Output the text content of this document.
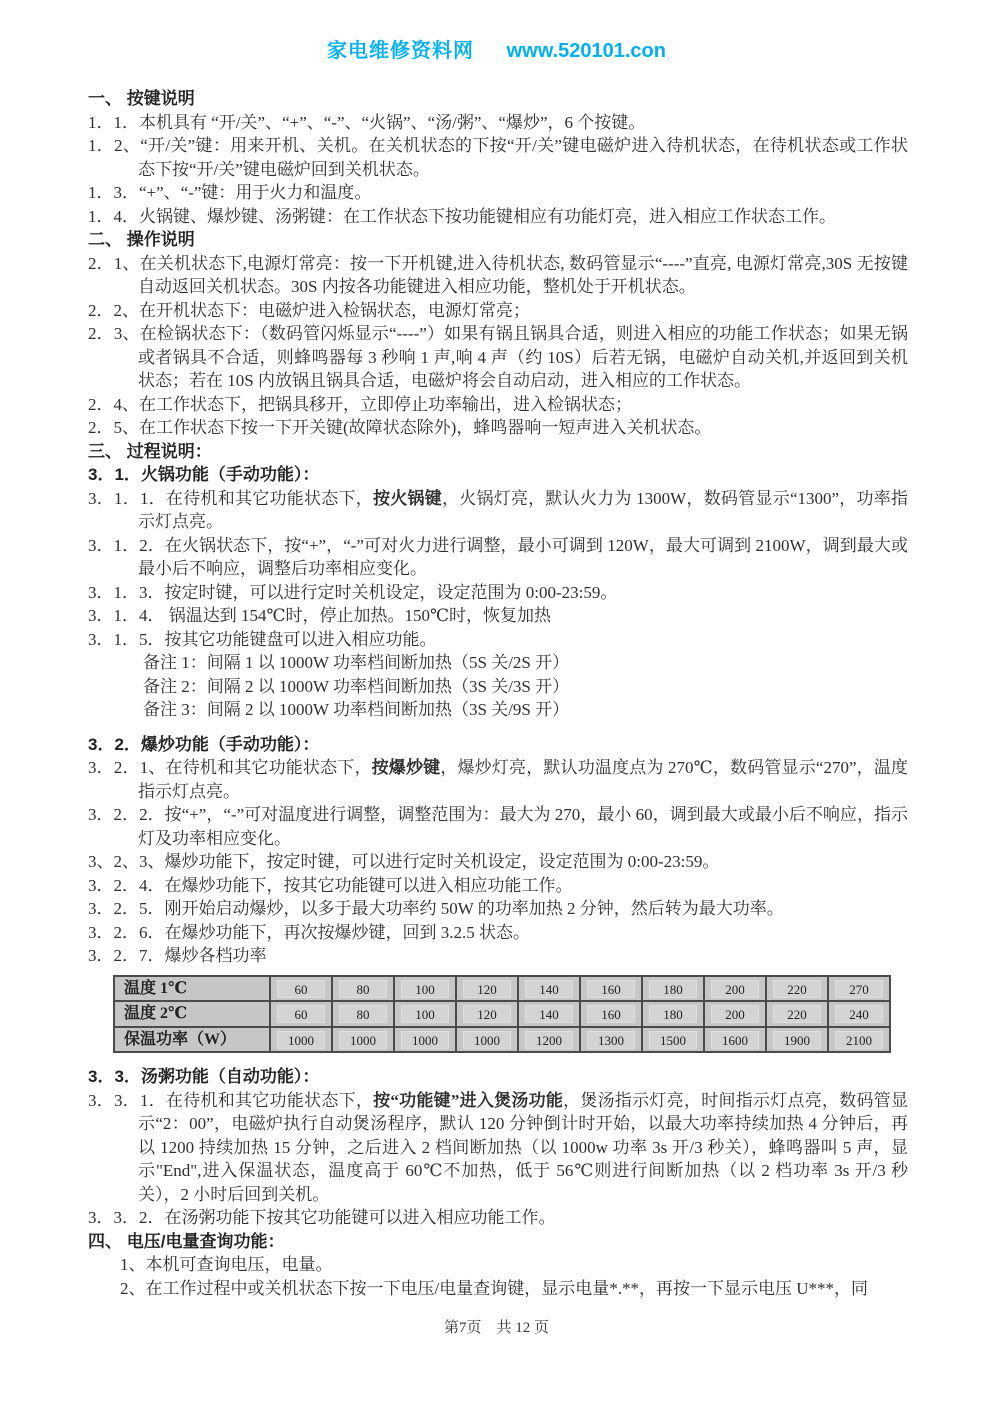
家电维修资料网 www.520101.con
一、 按键说明
1．1．本机具有 “开/关”、“+”、“-”、“火锅”、“汤/粥”、“爆炒”，6 个按键。
1．2、“开/关”键：用来开机、关机。在关机状态的下按“开/关”键电磁炉进入待机状态，在待机状态或工作状态下按“开/关”键电磁炉回到关机状态。
1．3．“+”、“-”键：用于火力和温度。
1．4．火锅键、爆炒键、汤粥键：在工作状态下按功能键相应有功能灯亮，进入相应工作状态工作。
二、 操作说明
2．1、在关机状态下,电源灯常亮：按一下开机键,进入待机状态, 数码管显示“----”直亮, 电源灯常亮,30S 无按键自动返回关机状态。30S 内按各功能键进入相应功能，整机处于开机状态。
2．2、在开机状态下：电磁炉进入检锅状态，电源灯常亮；
2．3、在检锅状态下：（数码管闪烁显示“----”）如果有锅且锅具合适，则进入相应的功能工作状态；如果无锅或者锅具不合适，则蜂鸣器每 3 秒响 1 声,响 4 声（约 10S）后若无锅，电磁炉自动关机,并返回到关机状态；若在 10S 内放锅且锅具合适，电磁炉将会自动启动，进入相应的工作状态。
2．4、在工作状态下，把锅具移开，立即停止功率输出，进入检锅状态；
2．5、在工作状态下按一下开关键(故障状态除外)，蜂鸣器响一短声进入关机状态。
三、 过程说明：
3．1．火锅功能（手动功能）：
3．1．1．在待机和其它功能状态下，按火锅键，火锅灯亮，默认火力为 1300W，数码管显示“1300”，功率指示灯点亮。
3．1．2．在火锅状态下，按“+”，“-”可对火力进行调整，最小可调到 120W，最大可调到 2100W，调到最大或最小后不响应，调整后功率相应变化。
3．1．3．按定时键，可以进行定时关机设定，设定范围为 0:00-23:59。
3．1．4． 锅温达到 154℃时，停止加热。150℃时，恢复加热
3．1．5．按其它功能键盘可以进入相应功能。
备注 1：间隔 1 以 1000W 功率档间断加热（5S 关/2S 开）
备注 2：间隔 2 以 1000W 功率档间断加热（3S 关/3S 开）
备注 3：间隔 2 以 1000W 功率档间断加热（3S 关/9S 开）
3．2．爆炒功能（手动功能）：
3．2．1、在待机和其它功能状态下，按爆炒键，爆炒灯亮，默认功温度点为 270℃，数码管显示“270”，温度指示灯点亮。
3．2．2．按“+”，“-”可对温度进行调整，调整范围为：最大为 270，最小 60，调到最大或最小后不响应，指示灯及功率相应变化。
3、2、3、爆炒功能下，按定时键，可以进行定时关机设定，设定范围为 0:00-23:59。
3．2．4．在爆炒功能下，按其它功能键可以进入相应功能工作。
3．2．5．刚开始启动爆炒，以多于最大功率约 50W 的功率加热 2 分钟，然后转为最大功率。
3．2．6．在爆炒功能下，再次按爆炒键，回到 3.2.5 状态。
3．2．7．爆炒各档功率
温度 1℃	60	80	100	120	140	160	180	200	220	270
温度 2℃	60	80	100	120	140	160	180	200	220	240
保温功率（W）	1000	1000	1000	1000	1200	1300	1500	1600	1900	2100
3．3．汤粥功能（自动功能）：
3．3．1．在待机和其它功能状态下，按“功能键”进入煲汤功能，煲汤指示灯亮，时间指示灯点亮，数码管显示“2：00”，电磁炉执行自动煲汤程序，默认 120 分钟倒计时开始，以最大功率持续加热 4 分钟后，再以 1200 持续加热 15 分钟，之后进入 2 档间断加热（以 1000w 功率 3s 开/3 秒关），蜂鸣器叫 5 声，显示"End",进入保温状态，温度高于 60℃不加热，低于 56℃则进行间断加热（以 2 档功率 3s 开/3 秒关），2 小时后回到关机。
3．3．2．在汤粥功能下按其它功能键可以进入相应功能工作。
四、 电压/电量查询功能：
1、本机可查询电压，电量。
2、在工作过程中或关机状态下按一下电压/电量查询键，显示电量*.**，再按一下显示电压 U***，同
第7页　共 12 页
